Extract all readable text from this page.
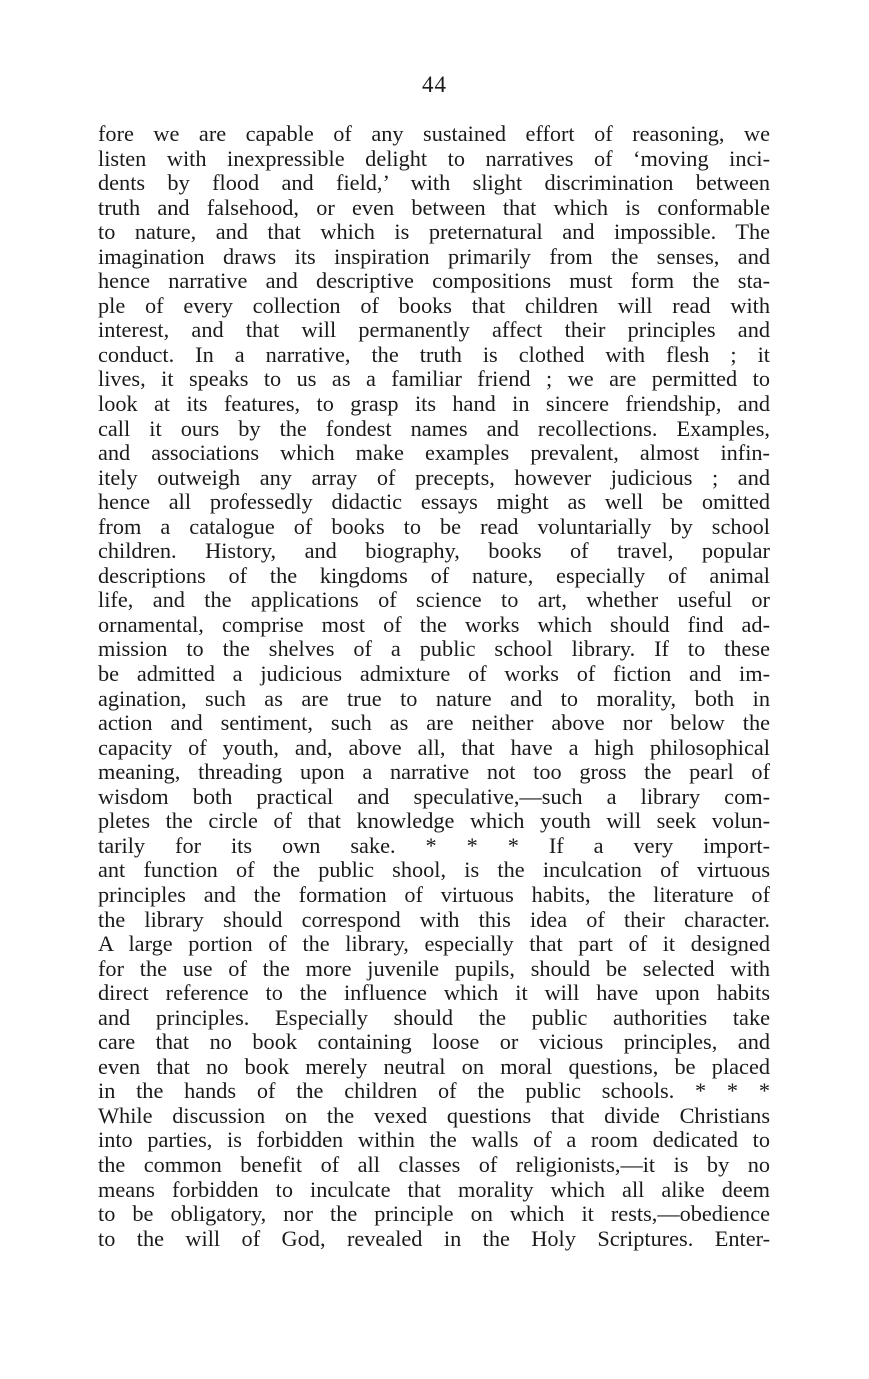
44
fore we are capable of any sustained effort of reasoning, we
listen with inexpressible delight to narratives of ‘moving inci-
dents by flood and field,’ with slight discrimination between
truth and falsehood, or even between that which is conformable
to nature, and that which is preternatural and impossible. The
imagination draws its inspiration primarily from the senses, and
hence narrative and descriptive compositions must form the sta-
ple of every collection of books that children will read with
interest, and that will permanently affect their principles and
conduct. In a narrative, the truth is clothed with flesh ; it
lives, it speaks to us as a familiar friend ; we are permitted to
look at its features, to grasp its hand in sincere friendship, and
call it ours by the fondest names and recollections. Examples,
and associations which make examples prevalent, almost infin-
itely outweigh any array of precepts, however judicious ; and
hence all professedly didactic essays might as well be omitted
from a catalogue of books to be read voluntarially by school
children. History, and biography, books of travel, popular
descriptions of the kingdoms of nature, especially of animal
life, and the applications of science to art, whether useful or
ornamental, comprise most of the works which should find ad-
mission to the shelves of a public school library. If to these
be admitted a judicious admixture of works of fiction and im-
agination, such as are true to nature and to morality, both in
action and sentiment, such as are neither above nor below the
capacity of youth, and, above all, that have a high philosophical
meaning, threading upon a narrative not too gross the pearl of
wisdom both practical and speculative,—such a library com-
pletes the circle of that knowledge which youth will seek volun-
tarily for its own sake. * * * If a very import-
ant function of the public shool, is the inculcation of virtuous
principles and the formation of virtuous habits, the literature of
the library should correspond with this idea of their character.
A large portion of the library, especially that part of it designed
for the use of the more juvenile pupils, should be selected with
direct reference to the influence which it will have upon habits
and principles. Especially should the public authorities take
care that no book containing loose or vicious principles, and
even that no book merely neutral on moral questions, be placed
in the hands of the children of the public schools. * * *
While discussion on the vexed questions that divide Christians
into parties, is forbidden within the walls of a room dedicated to
the common benefit of all classes of religionists,—it is by no
means forbidden to inculcate that morality which all alike deem
to be obligatory, nor the principle on which it rests,—obedience
to the will of God, revealed in the Holy Scriptures. Enter-
